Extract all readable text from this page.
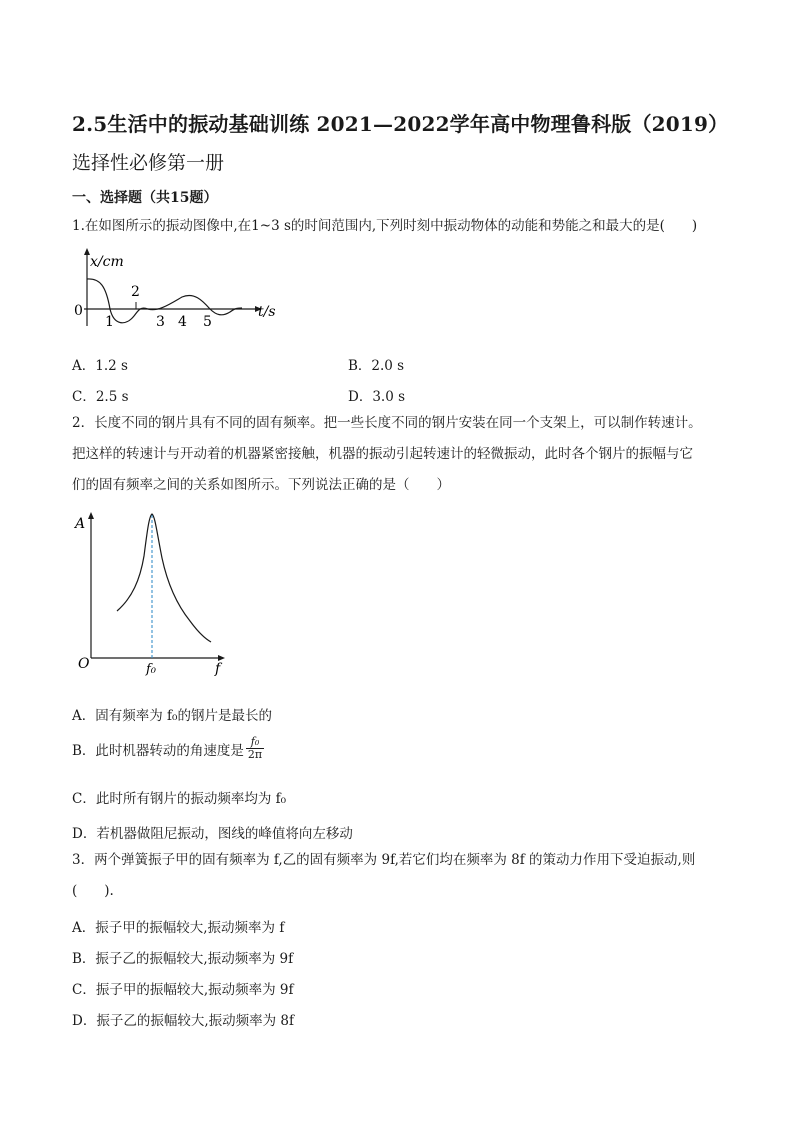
2.5生活中的振动基础训练 2021—2022学年高中物理鲁科版（2019）
选择性必修第一册
一、选择题（共15题）
1.在如图所示的振动图像中,在1~3 s的时间范围内,下列时刻中振动物体的动能和势能之和最大的是(　　)
x/cm
t/s
0
2
1	3 4 5
A．1.2 s	B．2.0 s
C．2.5 s	D．3.0 s
2．长度不同的钢片具有不同的固有频率。把一些长度不同的钢片安装在同一个支架上，可以制作转速计。
把这样的转速计与开动着的机器紧密接触，机器的振动引起转速计的轻微振动，此时各个钢片的振幅与它
们的固有频率之间的关系如图所示。下列说法正确的是（　　）
A
f
O	f₀
A．固有频率为 f₀的钢片是最长的
B．此时机器转动的角速度是 $\frac{\text{f₀}}{2\pi}$
C．此时所有钢片的振动频率均为 f₀
D．若机器做阻尼振动，图线的峰值将向左移动
3．两个弹簧振子甲的固有频率为 f,乙的固有频率为 9f,若它们均在频率为 8f 的策动力作用下受迫振动,则
(　　).
A．振子甲的振幅较大,振动频率为 f
B．振子乙的振幅较大,振动频率为 9f
C．振子甲的振幅较大,振动频率为 9f
D．振子乙的振幅较大,振动频率为 8f
